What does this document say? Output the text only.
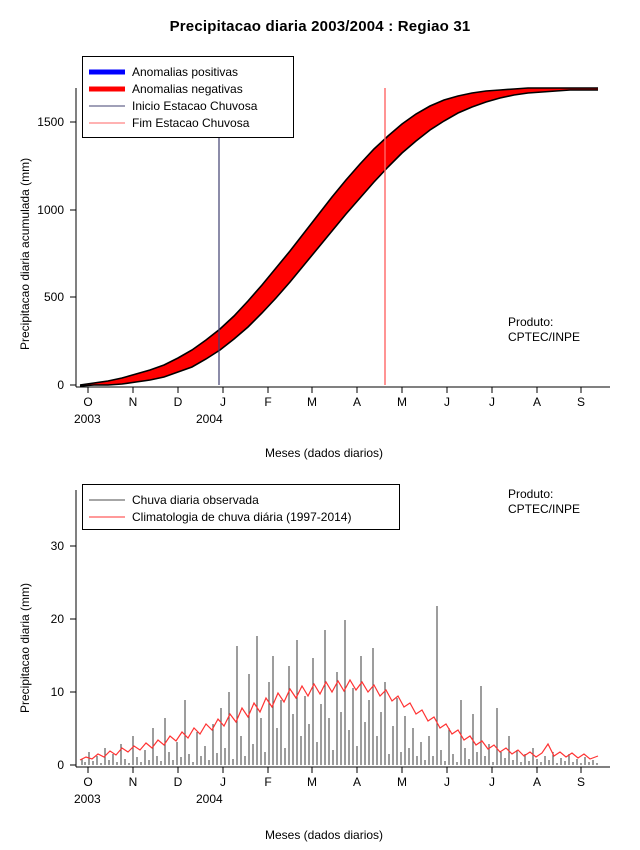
Precipitacao diaria 2003/2004 : Regiao 31
0
500
1000
1500
O	N	D	J	F	M	A	M	J	J	A	S
2003	2004
Meses (dados diarios)
Precipitacao diaria acumulada (mm)	Produto:
CPTEC/INPE
Anomalias positivas
Anomalias negativas
Inicio Estacao Chuvosa
Fim Estacao Chuvosa
0
10
20
30
O	N	D	J	F	M	A	M	J	J	A	S
2003	2004
Meses (dados diarios)
Precipitacao diaria (mm)
Produto:
CPTEC/INPE
Chuva diaria observada
Climatologia de chuva diária (1997-2014)
